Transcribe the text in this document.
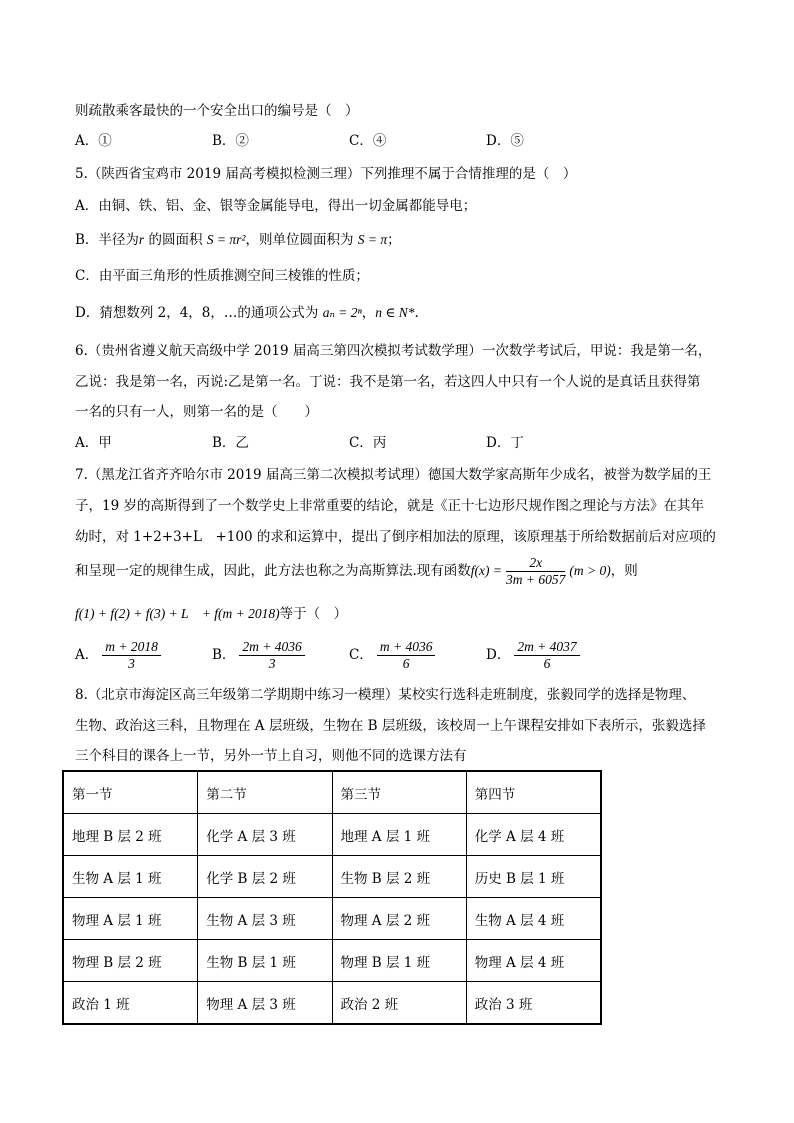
则疏散乘客最快的一个安全出口的编号是（　）
A．①	B．②	C．④	D．⑤
5.（陕西省宝鸡市 2019 届高考模拟检测三理）下列推理不属于合情推理的是（　）
A．由铜、铁、铝、金、银等金属能导电，得出一切金属都能导电；
B．半径为r 的圆面积 S = πr²，则单位圆面积为 S = π；
C．由平面三角形的性质推测空间三棱锥的性质；
D．猜想数列 2，4，8，…的通项公式为 aₙ = 2ⁿ，n ∈ N*.
6.（贵州省遵义航天高级中学 2019 届高三第四次模拟考试数学理）一次数学考试后，甲说：我是第一名，
乙说：我是第一名，丙说:乙是第一名。丁说：我不是第一名，若这四人中只有一个人说的是真话且获得第
一名的只有一人，则第一名的是（　　）
A．甲	B．乙	C．丙	D．丁
7.（黑龙江省齐齐哈尔市 2019 届高三第二次模拟考试理）德国大数学家高斯年少成名，被誉为数学届的王
子，19 岁的高斯得到了一个数学史上非常重要的结论，就是《正十七边形尺规作图之理论与方法》在其年
幼时，对 1+2+3+L　+100 的求和运算中，提出了倒序相加法的原理，该原理基于所给数据前后对应项的
和呈现一定的规律生成，因此，此方法也称之为高斯算法.现有函数$f(x) = \frac{2x}{3m + 6057} (m > 0)$，则
f(1) + f(2) + f(3) + L　+ f(m + 2018)等于（　）
A． $\frac{m + 2018}{3}$	B． $\frac{2m + 4036}{3}$	C． $\frac{m + 4036}{6}$	D． $\frac{2m + 4037}{6}$
8.（北京市海淀区高三年级第二学期期中练习一模理）某校实行选科走班制度，张毅同学的选择是物理、
生物、政治这三科，且物理在 A 层班级，生物在 B 层班级，该校周一上午课程安排如下表所示，张毅选择
三个科目的课各上一节，另外一节上自习，则他不同的选课方法有
第一节	第二节	第三节	第四节
地理 B 层 2 班	化学 A 层 3 班	地理 A 层 1 班	化学 A 层 4 班
生物 A 层 1 班	化学 B 层 2 班	生物 B 层 2 班	历史 B 层 1 班
物理 A 层 1 班	生物 A 层 3 班	物理 A 层 2 班	生物 A 层 4 班
物理 B 层 2 班	生物 B 层 1 班	物理 B 层 1 班	物理 A 层 4 班
政治 1 班	物理 A 层 3 班	政治 2 班	政治 3 班
